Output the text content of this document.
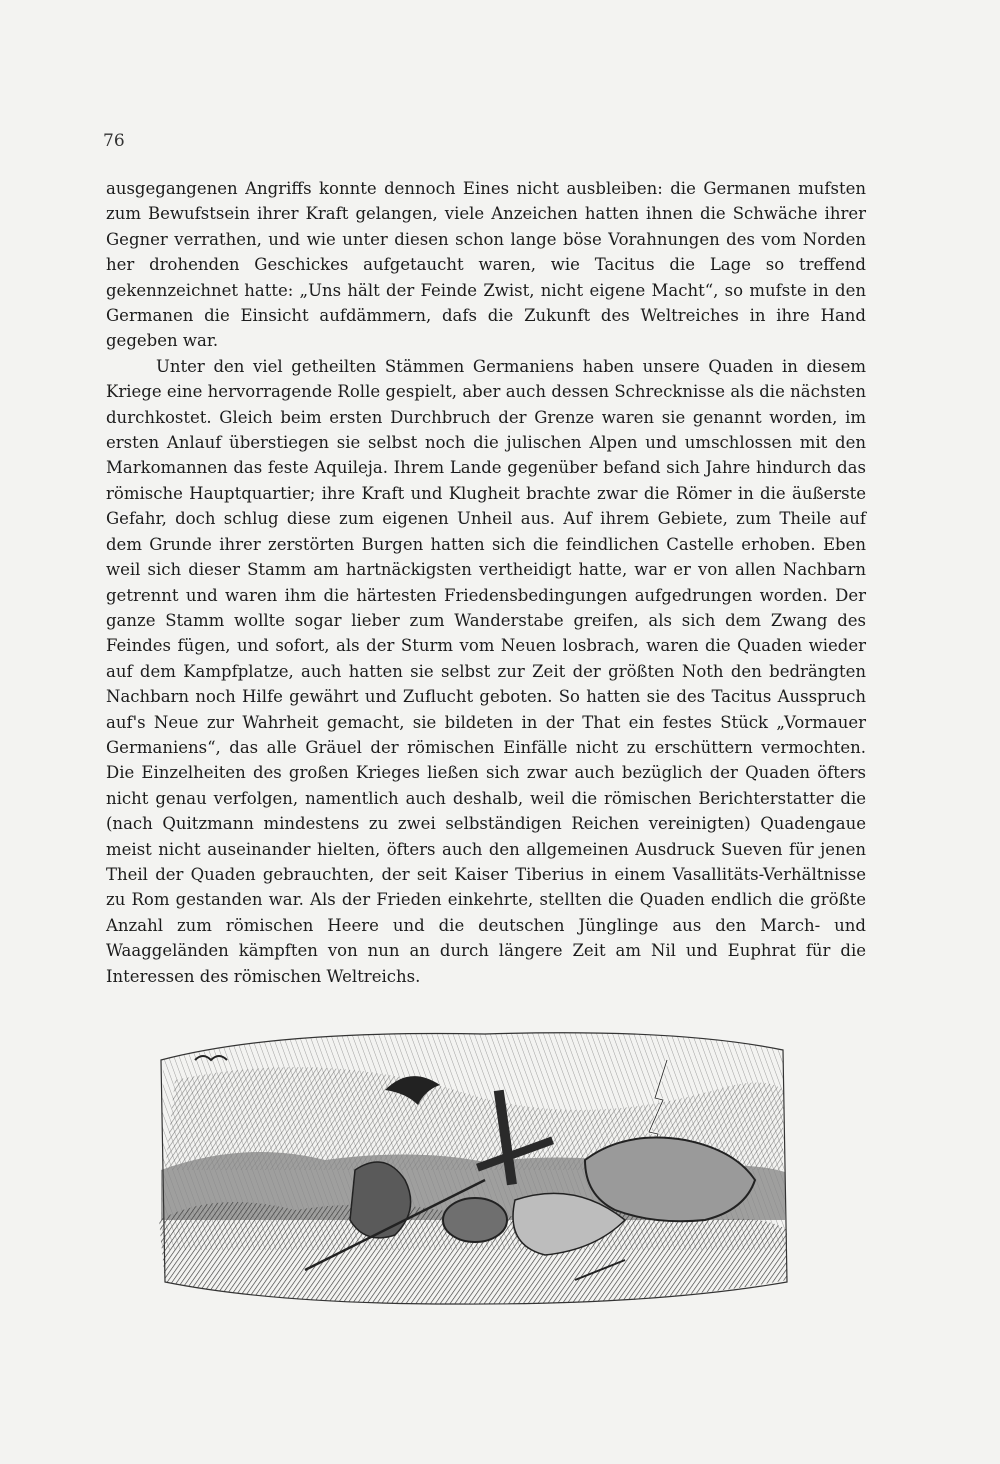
76

ausgegangenen Angriffs konnte dennoch Eines nicht ausbleiben: die Germanen mufsten zum Bewufstsein ihrer Kraft gelangen, viele Anzeichen hatten ihnen die Schwäche ihrer Gegner verrathen, und wie unter diesen schon lange böse Vorahnungen des vom Norden her drohenden Geschickes aufgetaucht waren, wie Tacitus die Lage so treffend gekennzeichnet hatte: „Uns hält der Feinde Zwist, nicht eigene Macht“, so mufste in den Germanen die Einsicht aufdämmern, dafs die Zukunft des Weltreiches in ihre Hand gegeben war.

Unter den viel getheilten Stämmen Germaniens haben unsere Quaden in diesem Kriege eine hervorragende Rolle gespielt, aber auch dessen Schrecknisse als die nächsten durchkostet. Gleich beim ersten Durchbruch der Grenze waren sie genannt worden, im ersten Anlauf überstiegen sie selbst noch die julischen Alpen und umschlossen mit den Markomannen das feste Aquileja. Ihrem Lande gegenüber befand sich Jahre hindurch das römische Hauptquartier; ihre Kraft und Klugheit brachte zwar die Römer in die äußerste Gefahr, doch schlug diese zum eigenen Unheil aus. Auf ihrem Gebiete, zum Theile auf dem Grunde ihrer zerstörten Burgen hatten sich die feindlichen Castelle erhoben. Eben weil sich dieser Stamm am hartnäckigsten vertheidigt hatte, war er von allen Nachbarn getrennt und waren ihm die härtesten Friedensbedingungen aufgedrungen worden. Der ganze Stamm wollte sogar lieber zum Wanderstabe greifen, als sich dem Zwang des Feindes fügen, und sofort, als der Sturm vom Neuen losbrach, waren die Quaden wieder auf dem Kampfplatze, auch hatten sie selbst zur Zeit der größten Noth den bedrängten Nachbarn noch Hilfe gewährt und Zuflucht geboten. So hatten sie des Tacitus Ausspruch auf's Neue zur Wahrheit gemacht, sie bildeten in der That ein festes Stück „Vormauer Germaniens“, das alle Gräuel der römischen Einfälle nicht zu erschüttern vermochten. Die Einzelheiten des großen Krieges ließen sich zwar auch bezüglich der Quaden öfters nicht genau verfolgen, namentlich auch deshalb, weil die römischen Berichterstatter die (nach Quitzmann mindestens zu zwei selbständigen Reichen vereinigten) Quadengaue meist nicht auseinander hielten, öfters auch den allgemeinen Ausdruck Sueven für jenen Theil der Quaden gebrauchten, der seit Kaiser Tiberius in einem Vasallitäts-Verhältnisse zu Rom gestanden war. Als der Frieden einkehrte, stellten die Quaden endlich die größte Anzahl zum römischen Heere und die deutschen Jünglinge aus den March- und Waaggeländen kämpften von nun an durch längere Zeit am Nil und Euphrat für die Interessen des römischen Weltreichs.
